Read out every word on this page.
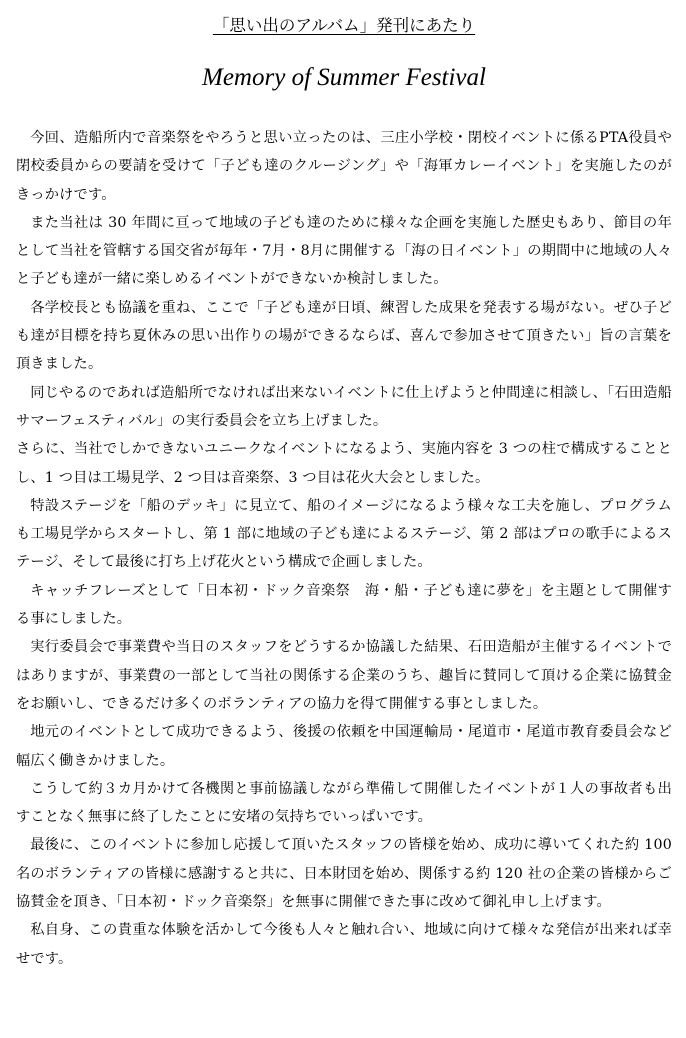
「思い出のアルバム」発刊にあたり
Memory of Summer Festival

今回、造船所内で音楽祭をやろうと思い立ったのは、三庄小学校・閉校イベントに係るPTA役員や閉校委員からの要請を受けて「子ども達のクルージング」や「海軍カレーイベント」を実施したのがきっかけです。

また当社は 30 年間に亘って地域の子ども達のために様々な企画を実施した歴史もあり、節目の年として当社を管轄する国交省が毎年・7月・8月に開催する「海の日イベント」の期間中に地域の人々と子ども達が一緒に楽しめるイベントができないか検討しました。

各学校長とも協議を重ね、ここで「子ども達が日頃、練習した成果を発表する場がない。ぜひ子ども達が目標を持ち夏休みの思い出作りの場ができるならば、喜んで参加させて頂きたい」旨の言葉を頂きました。

同じやるのであれば造船所でなければ出来ないイベントに仕上げようと仲間達に相談し、「石田造船サマーフェスティバル」の実行委員会を立ち上げました。

さらに、当社でしかできないユニークなイベントになるよう、実施内容を 3 つの柱で構成することとし、1 つ目は工場見学、2 つ目は音楽祭、3 つ目は花火大会としました。

特設ステージを「船のデッキ」に見立て、船のイメージになるよう様々な工夫を施し、プログラムも工場見学からスタートし、第 1 部に地域の子ども達によるステージ、第 2 部はプロの歌手によるステージ、そして最後に打ち上げ花火という構成で企画しました。

キャッチフレーズとして「日本初・ドック音楽祭　海・船・子ども達に夢を」を主題として開催する事にしました。

実行委員会で事業費や当日のスタッフをどうするか協議した結果、石田造船が主催するイベントではありますが、事業費の一部として当社の関係する企業のうち、趣旨に賛同して頂ける企業に協賛金をお願いし、できるだけ多くのボランティアの協力を得て開催する事としました。

地元のイベントとして成功できるよう、後援の依頼を中国運輸局・尾道市・尾道市教育委員会など幅広く働きかけました。

こうして約３カ月かけて各機関と事前協議しながら準備して開催したイベントが１人の事故者も出すことなく無事に終了したことに安堵の気持ちでいっぱいです。

最後に、このイベントに参加し応援して頂いたスタッフの皆様を始め、成功に導いてくれた約 100 名のボランティアの皆様に感謝すると共に、日本財団を始め、関係する約 120 社の企業の皆様からご協賛金を頂き、「日本初・ドック音楽祭」を無事に開催できた事に改めて御礼申し上げます。

私自身、この貴重な体験を活かして今後も人々と触れ合い、地域に向けて様々な発信が出来れば幸せです。
